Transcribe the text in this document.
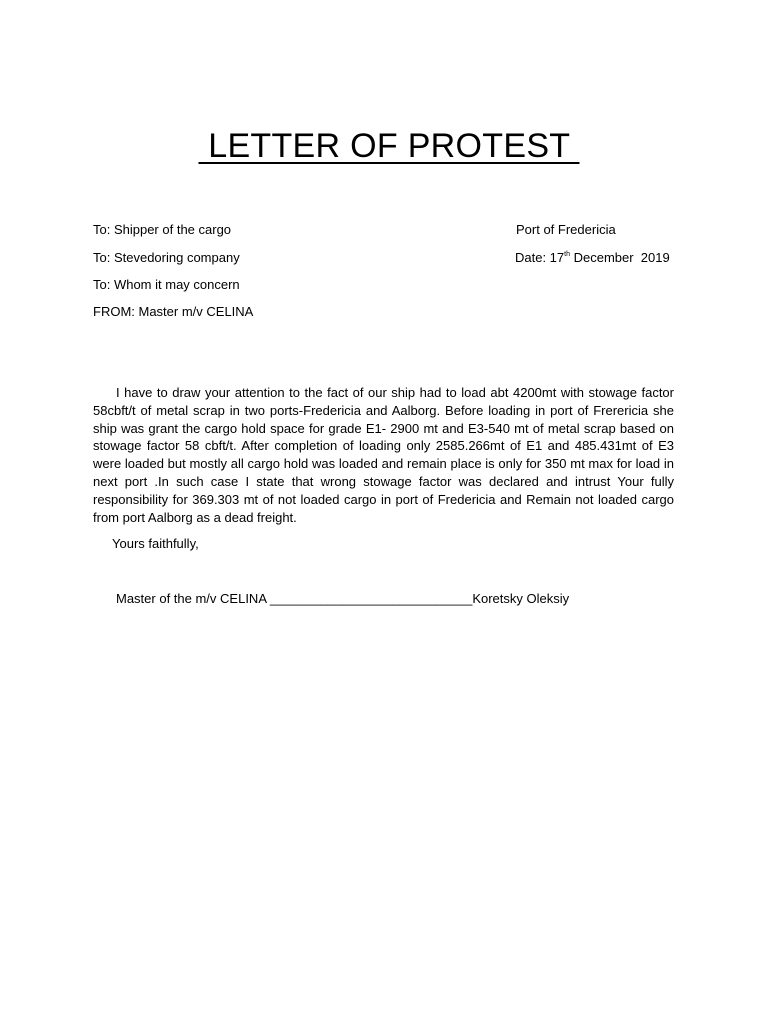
LETTER OF PROTEST
To: Shipper of the cargo	Port of Fredericia
To: Stevedoring company	Date: 17th December  2019
To: Whom it may concern
FROM: Master m/v CELINA
I have to draw your attention to the fact of our ship had to load abt 4200mt with stowage factor 58cbft/t of metal scrap in two ports-Fredericia and Aalborg. Before loading in port of Frerericia she ship was grant the cargo hold space for grade E1- 2900 mt and E3-540 mt of metal scrap based on stowage factor 58 cbft/t. After completion of loading only 2585.266mt of E1 and 485.431mt of E3 were loaded but mostly all cargo hold was loaded and remain place is only for 350 mt max for load in next port .In such case I state that wrong stowage factor was declared and intrust Your fully responsibility for 369.303 mt of not loaded cargo in port of Fredericia and Remain not loaded cargo from port Aalborg as a dead freight.
Yours faithfully,
Master of the m/v CELINA ____________________________Koretsky Oleksiy
